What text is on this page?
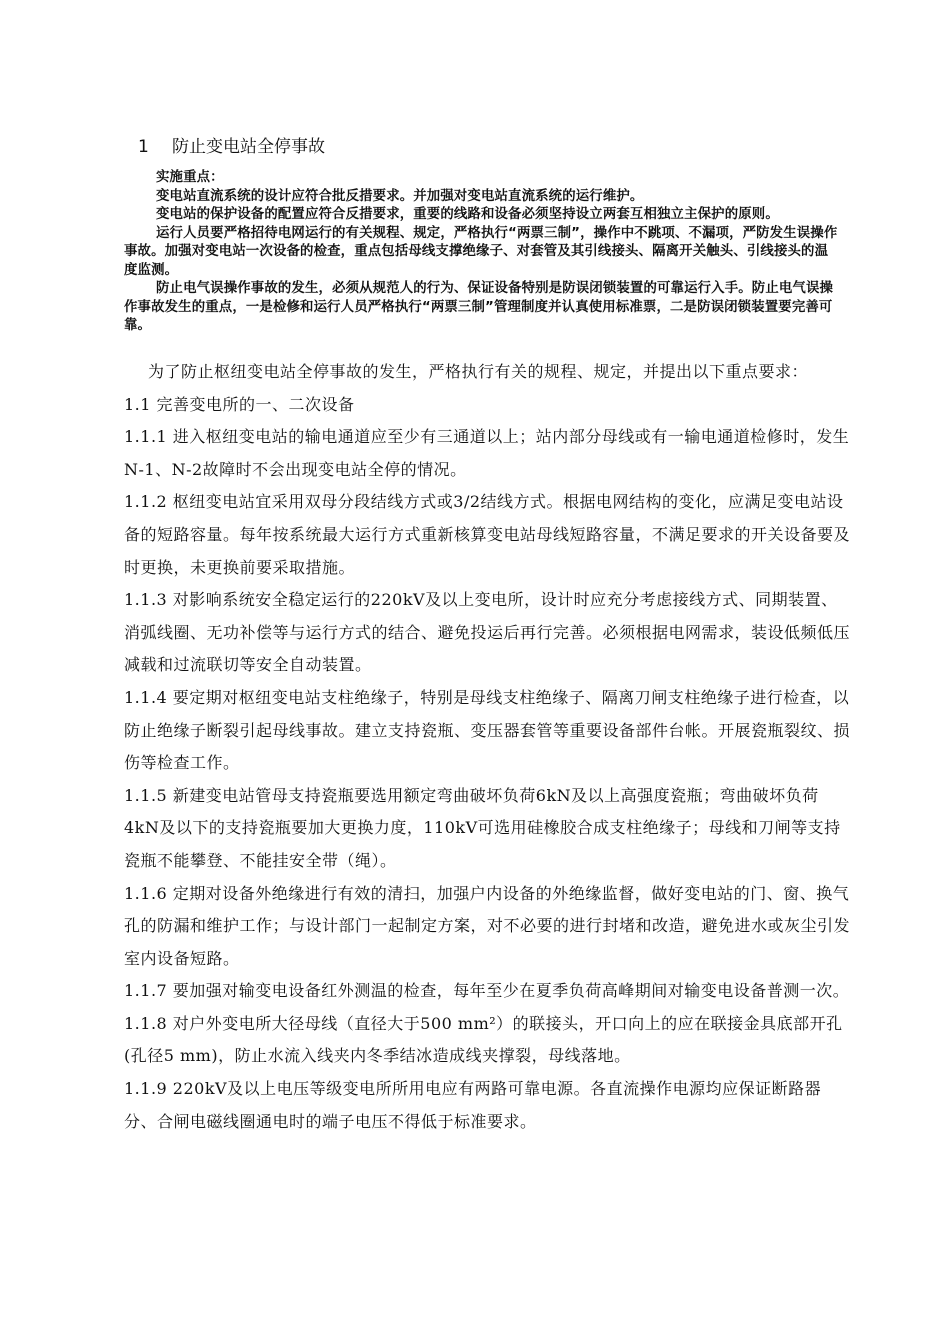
1 防止变电站全停事故

实施重点：

变电站直流系统的设计应符合批反措要求。并加强对变电站直流系统的运行维护。

变电站的保护设备的配置应符合反措要求，重要的线路和设备必须坚持设立两套互相独立主保护的原则。

运行人员要严格招待电网运行的有关规程、规定，严格执行“两票三制”，操作中不跳项、不漏项，严防发生误操作事故。加强对变电站一次设备的检查，重点包括母线支撑绝缘子、对套管及其引线接头、隔离开关触头、引线接头的温度监测。

防止电气误操作事故的发生，必须从规范人的行为、保证设备特别是防误闭锁装置的可靠运行入手。防止电气误操作事故发生的重点，一是检修和运行人员严格执行“两票三制”管理制度并认真使用标准票，二是防误闭锁装置要完善可靠。

为了防止枢纽变电站全停事故的发生，严格执行有关的规程、规定，并提出以下重点要求：

1.1 完善变电所的一、二次设备

1.1.1 进入枢纽变电站的输电通道应至少有三通道以上；站内部分母线或有一输电通道检修时，发生N-1、N-2故障时不会出现变电站全停的情况。

1.1.2 枢纽变电站宜采用双母分段结线方式或3/2结线方式。根据电网结构的变化，应满足变电站设备的短路容量。每年按系统最大运行方式重新核算变电站母线短路容量，不满足要求的开关设备要及时更换，未更换前要采取措施。

1.1.3 对影响系统安全稳定运行的220kV及以上变电所，设计时应充分考虑接线方式、同期装置、消弧线圈、无功补偿等与运行方式的结合、避免投运后再行完善。必须根据电网需求，装设低频低压减载和过流联切等安全自动装置。

1.1.4 要定期对枢纽变电站支柱绝缘子，特别是母线支柱绝缘子、隔离刀闸支柱绝缘子进行检查，以防止绝缘子断裂引起母线事故。建立支持瓷瓶、变压器套管等重要设备部件台帐。开展瓷瓶裂纹、损伤等检查工作。

1.1.5 新建变电站管母支持瓷瓶要选用额定弯曲破坏负荷6kN及以上高强度瓷瓶；弯曲破坏负荷4kN及以下的支持瓷瓶要加大更换力度，110kV可选用硅橡胶合成支柱绝缘子；母线和刀闸等支持瓷瓶不能攀登、不能挂安全带（绳）。

1.1.6 定期对设备外绝缘进行有效的清扫，加强户内设备的外绝缘监督，做好变电站的门、窗、换气孔的防漏和维护工作；与设计部门一起制定方案，对不必要的进行封堵和改造，避免进水或灰尘引发室内设备短路。

1.1.7 要加强对输变电设备红外测温的检查，每年至少在夏季负荷高峰期间对输变电设备普测一次。

1.1.8 对户外变电所大径母线（直径大于500 mm²）的联接头，开口向上的应在联接金具底部开孔(孔径5 mm)，防止水流入线夹内冬季结冰造成线夹撑裂，母线落地。

1.1.9 220kV及以上电压等级变电所所用电应有两路可靠电源。各直流操作电源均应保证断路器分、合闸电磁线圈通电时的端子电压不得低于标准要求。
